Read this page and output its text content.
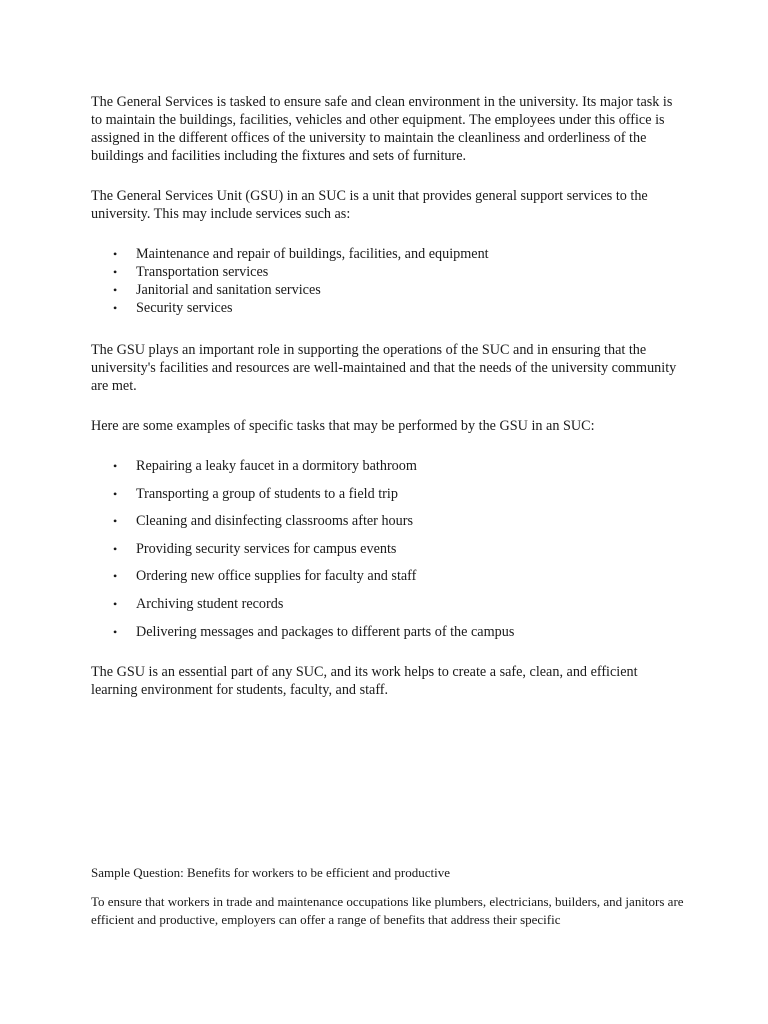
The General Services is tasked to ensure safe and clean environment in the university. Its major task is to maintain the buildings, facilities, vehicles and other equipment. The employees under this office is assigned in the different offices of the university to maintain the cleanliness and orderliness of the buildings and facilities including the fixtures and sets of furniture.

The General Services Unit (GSU) in an SUC is a unit that provides general support services to the university. This may include services such as:

• Maintenance and repair of buildings, facilities, and equipment
• Transportation services
• Janitorial and sanitation services
• Security services

The GSU plays an important role in supporting the operations of the SUC and in ensuring that the university's facilities and resources are well-maintained and that the needs of the university community are met.

Here are some examples of specific tasks that may be performed by the GSU in an SUC:

• Repairing a leaky faucet in a dormitory bathroom
• Transporting a group of students to a field trip
• Cleaning and disinfecting classrooms after hours
• Providing security services for campus events
• Ordering new office supplies for faculty and staff
• Archiving student records
• Delivering messages and packages to different parts of the campus

The GSU is an essential part of any SUC, and its work helps to create a safe, clean, and efficient learning environment for students, faculty, and staff.

Sample Question: Benefits for workers to be efficient and productive

To ensure that workers in trade and maintenance occupations like plumbers, electricians, builders, and janitors are efficient and productive, employers can offer a range of benefits that address their specific
